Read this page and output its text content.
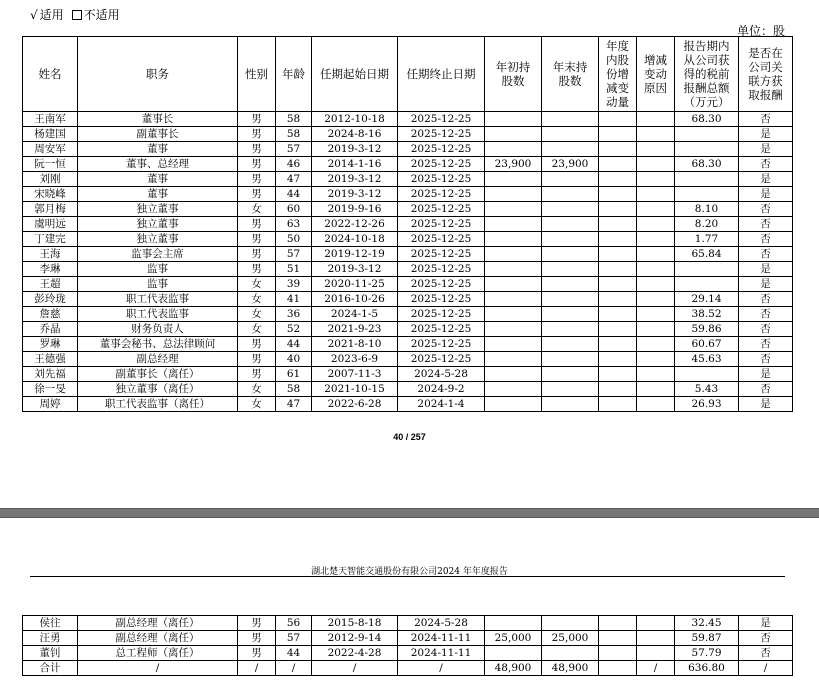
√ 适用 不适用
单位：股
姓名	职务	性别	年龄	任期起始日期	任期终止日期	年初持股数	年末持股数	年度内股份增减变动量	增减变动原因	报告期内从公司获得的税前报酬总额（万元）	是否在公司关联方获取报酬
王南军	董事长	男	58	2012-10-18	2025-12-25					68.30	否
杨建国	副董事长	男	58	2024-8-16	2025-12-25						是
周安军	董事	男	57	2019-3-12	2025-12-25						是
阮一恒	董事、总经理	男	46	2014-1-16	2025-12-25	23,900	23,900			68.30	否
刘刚	董事	男	47	2019-3-12	2025-12-25						是
宋晓峰	董事	男	44	2019-3-12	2025-12-25						是
郭月梅	独立董事	女	60	2019-9-16	2025-12-25					8.10	否
虞明远	独立董事	男	63	2022-12-26	2025-12-25					8.20	否
丁建完	独立董事	男	50	2024-10-18	2025-12-25					1.77	否
王海	监事会主席	男	57	2019-12-19	2025-12-25					65.84	否
李琳	监事	男	51	2019-3-12	2025-12-25						是
王超	监事	女	39	2020-11-25	2025-12-25						是
彭玲珑	职工代表监事	女	41	2016-10-26	2025-12-25					29.14	否
詹慈	职工代表监事	女	36	2024-1-5	2025-12-25					38.52	否
乔晶	财务负责人	女	52	2021-9-23	2025-12-25					59.86	否
罗琳	董事会秘书、总法律顾问	男	44	2021-8-10	2025-12-25					60.67	否
王德强	副总经理	男	40	2023-6-9	2025-12-25					45.63	否
刘先福	副董事长（离任）	男	61	2007-11-3	2024-5-28						是
徐一旻	独立董事（离任）	女	58	2021-10-15	2024-9-2					5.43	否
周婷	职工代表监事（离任）	女	47	2022-6-28	2024-1-4					26.93	是
40 / 257
湖北楚天智能交通股份有限公司2024 年年度报告
侯往	副总经理（离任）	男	56	2015-8-18	2024-5-28					32.45	是
汪勇	副总经理（离任）	男	57	2012-9-14	2024-11-11	25,000	25,000			59.87	否
董钊	总工程师（离任）	男	44	2022-4-28	2024-11-11					57.79	否
合计	/	/	/	/	/	48,900	48,900		/	636.80	/
